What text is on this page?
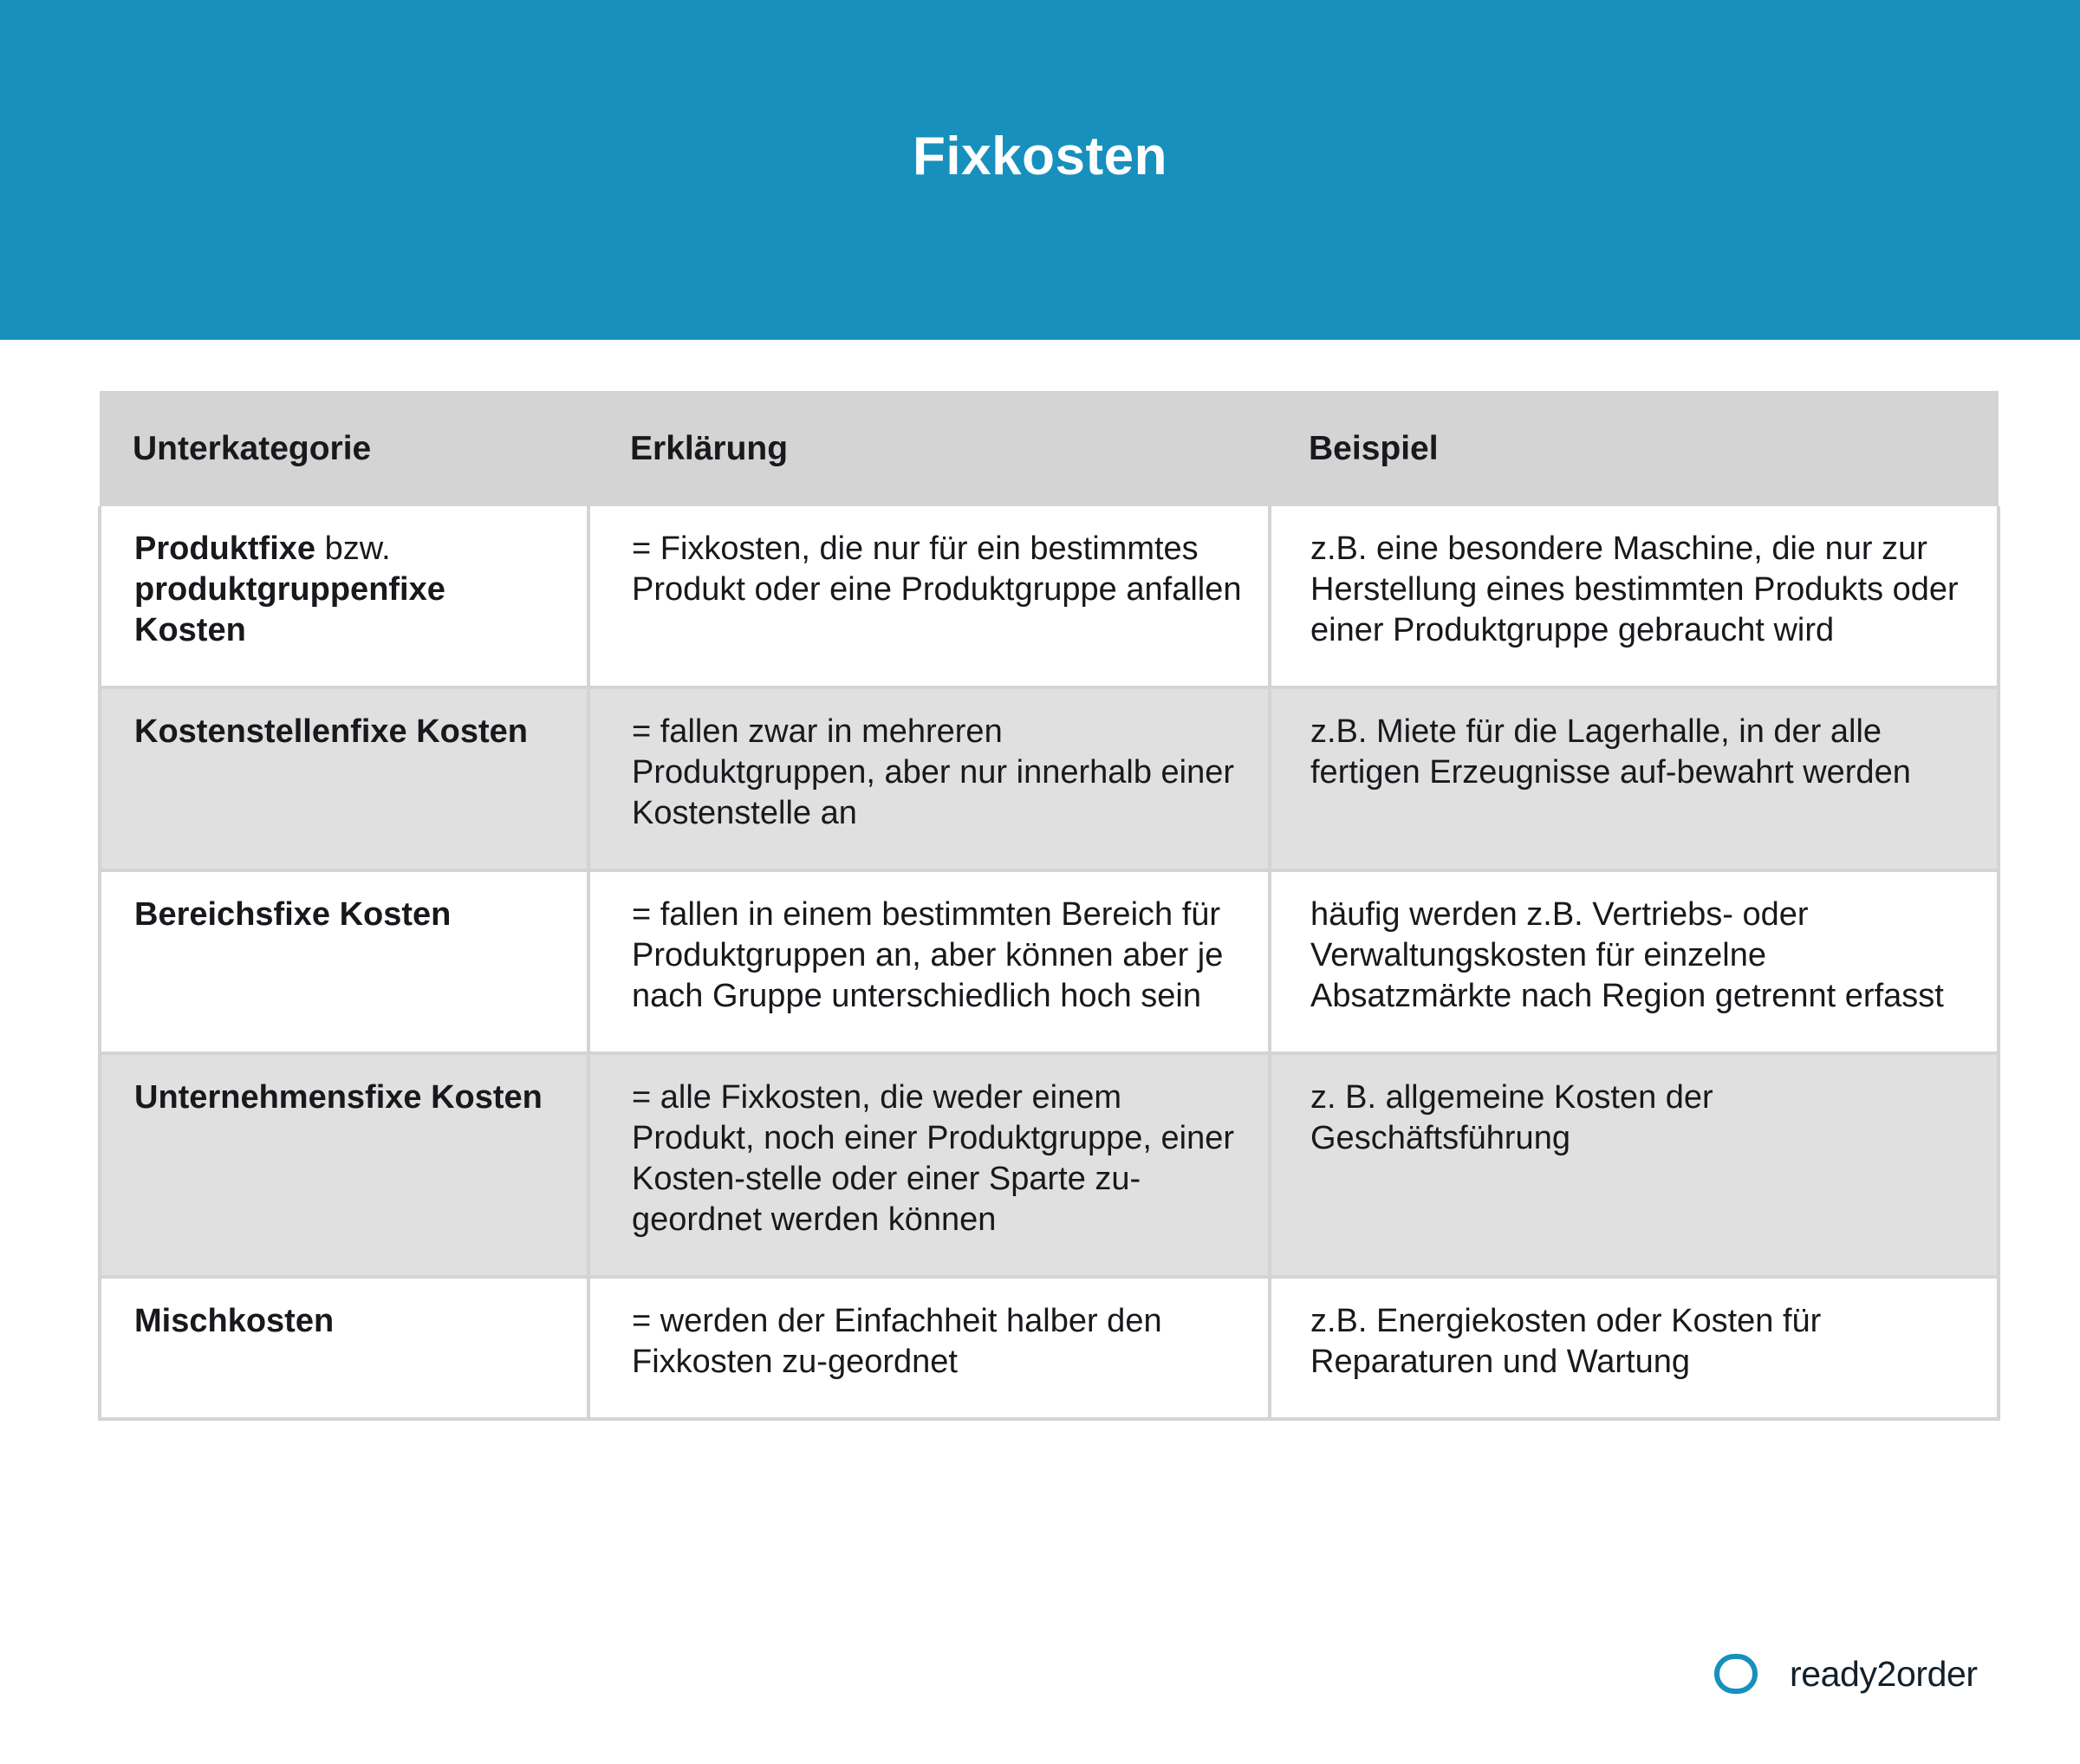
Fixkosten
Unterkategorie	Erklärung	Beispiel
Produktfixe bzw. produktgruppenfixe Kosten	= Fixkosten, die nur für ein bestimmtes Produkt oder eine Produktgruppe anfallen	z.B. eine besondere Maschine, die nur zur Herstellung eines bestimmten Produkts oder einer Produktgruppe gebraucht wird
Kostenstellenfixe Kosten	= fallen zwar in mehreren Produktgruppen, aber nur innerhalb einer Kostenstelle an	z.B. Miete für die Lagerhalle, in der alle fertigen Erzeugnisse auf-bewahrt werden
Bereichsfixe Kosten	= fallen in einem bestimmten Bereich für Produktgruppen an, aber können aber je nach Gruppe unterschiedlich hoch sein	häufig werden z.B. Vertriebs- oder Verwaltungskosten für einzelne Absatzmärkte nach Region getrennt erfasst
Unternehmensfixe Kosten	= alle Fixkosten, die weder einem Produkt, noch einer Produktgruppe, einer Kosten-stelle oder einer Sparte zu-geordnet werden können	z. B. allgemeine Kosten der Geschäftsführung
Mischkosten	= werden der Einfachheit halber den Fixkosten zu-geordnet	z.B. Energiekosten oder Kosten für Reparaturen und Wartung
ready2order
